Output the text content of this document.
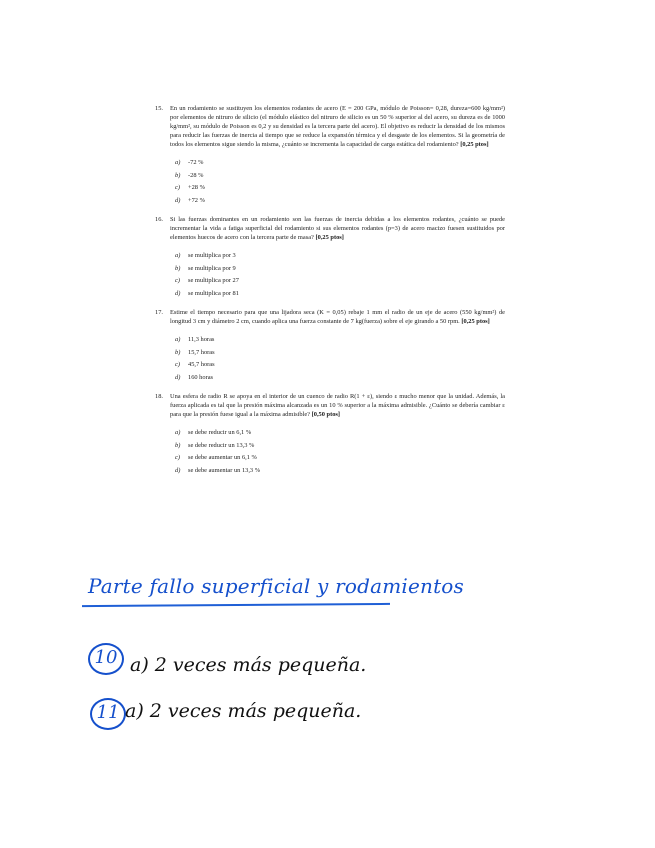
15.	En un rodamiento se sustituyen los elementos rodantes de acero (E = 200 GPa, módulo de Poisson= 0,28, dureza=600 kg/mm²) por elementos de nitruro de silicio (el módulo elástico del nitruro de silicio es un 50 % superior al del acero, su dureza es de 1000 kg/mm², su módulo de Poisson es 0,2 y su densidad es la tercera parte del acero). El objetivo es reducir la densidad de los mismos para reducir las fuerzas de inercia al tiempo que se reduce la expansión térmica y el desgaste de los elementos. Si la geometría de todos los elementos sigue siendo la misma, ¿cuánto se incrementa la capacidad de carga estática del rodamiento? [0,25 ptos]
a) -72 %
b) -28 %
c) +28 %
d) +72 %
16.	Si las fuerzas dominantes en un rodamiento son las fuerzas de inercia debidas a los elementos rodantes, ¿cuánto se puede incrementar la vida a fatiga superficial del rodamiento si sus elementos rodantes (p=3) de acero macizo fuesen sustituidos por elementos huecos de acero con la tercera parte de masa? [0,25 ptos]
a) se multiplica por 3
b) se multiplica por 9
c) se multiplica por 27
d) se multiplica por 81
17.	Estime el tiempo necesario para que una lijadora seca (K = 0,05) rebaje 1 mm el radio de un eje de acero (550 kg/mm²) de longitud 3 cm y diámetro 2 cm, cuando aplica una fuerza constante de 7 kg(fuerza) sobre el eje girando a 50 rpm. [0,25 ptos]
a) 11,3 horas
b) 15,7 horas
c) 45,7 horas
d) 160 horas
18.	Una esfera de radio R se apoya en el interior de un cuenco de radio R(1 + ε), siendo ε mucho menor que la unidad. Además, la fuerza aplicada es tal que la presión máxima alcanzada es un 10 % superior a la máxima admisible. ¿Cuánto se debería cambiar ε para que la presión fuese igual a la máxima admisible? [0,50 ptos]
a) se debe reducir un 6,1 %
b) se debe reducir un 13,3 %
c) se debe aumentar un 6,1 %
d) se debe aumentar un 13,3 %
Parte fallo superficial y rodamientos
10 a) 2 veces más pequeña.
11 a) 2 veces más pequeña.
